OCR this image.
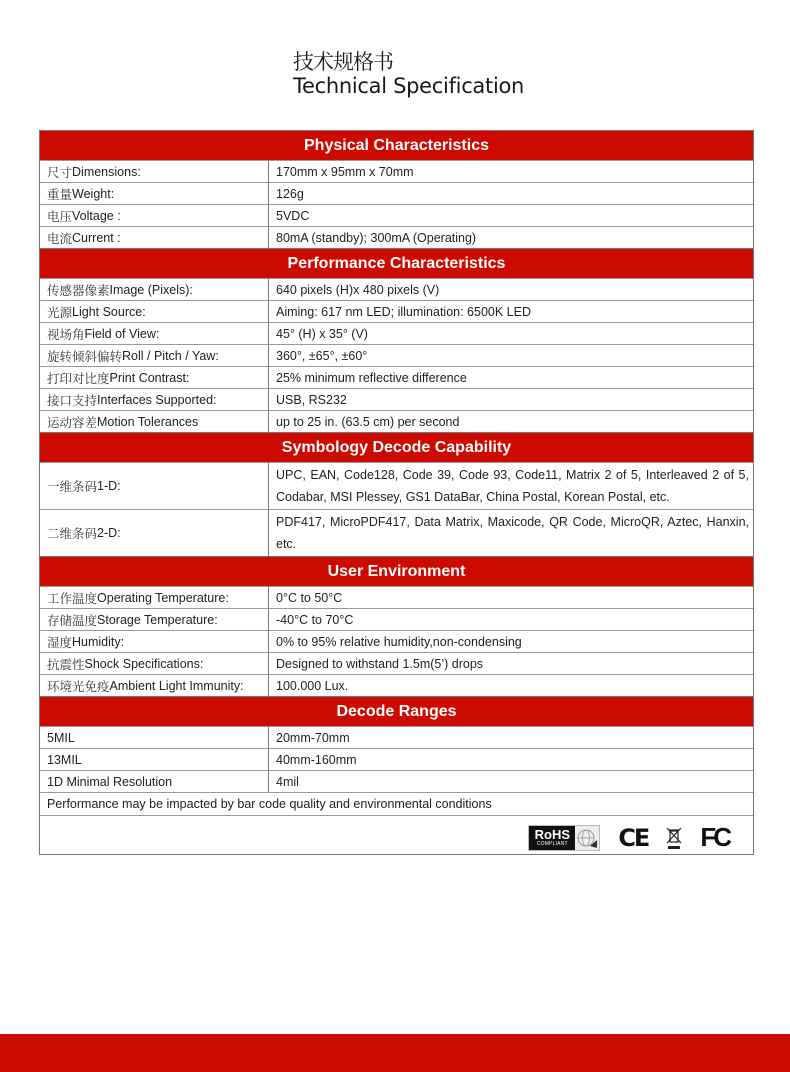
技术规格书
Technical Specification
Physical Characteristics
尺寸 Dimensions:	170mm x 95mm x 70mm
重量 Weight:	126g
电压 Voltage :	5VDC
电流 Current :	80mA (standby); 300mA (Operating)
Performance Characteristics
传感器像素 Image (Pixels):	640 pixels (H)x 480 pixels (V)
光源 Light Source:	Aiming: 617 nm LED; illumination: 6500K LED
视场角 Field of View:	45° (H) x 35° (V)
旋转倾斜偏转 Roll / Pitch / Yaw:	360°, ±65°, ±60°
打印对比度 Print Contrast:	25% minimum reflective difference
接口支持 Interfaces Supported:	USB, RS232
运动容差 Motion Tolerances	up to 25 in. (63.5 cm) per second
Symbology Decode Capability
一维条码 1-D:
UPC, EAN, Code128, Code 39, Code 93, Code11, Matrix 2 of 5, Interleaved 2 of 5, Codabar, MSI Plessey, GS1 DataBar, China Postal, Korean Postal, etc.
二维条码 2-D:
PDF417, MicroPDF417, Data Matrix, Maxicode, QR Code, MicroQR, Aztec, Hanxin, etc.
User Environment
工作温度 Operating Temperature:	0°C to 50°C
存储温度 Storage Temperature:	-40°C to 70°C
湿度 Humidity:	0% to 95% relative humidity,non-condensing
抗震性 Shock Specifications:	Designed to withstand 1.5m(5’) drops
环境光免疫 Ambient Light Immunity:	100.000 Lux.
Decode Ranges
5MIL	20mm-70mm
13MIL	40mm-160mm
1D Minimal Resolution	4mil
Performance may be impacted by bar code quality and environmental conditions
RoHS
COMPLIANT CE FC
